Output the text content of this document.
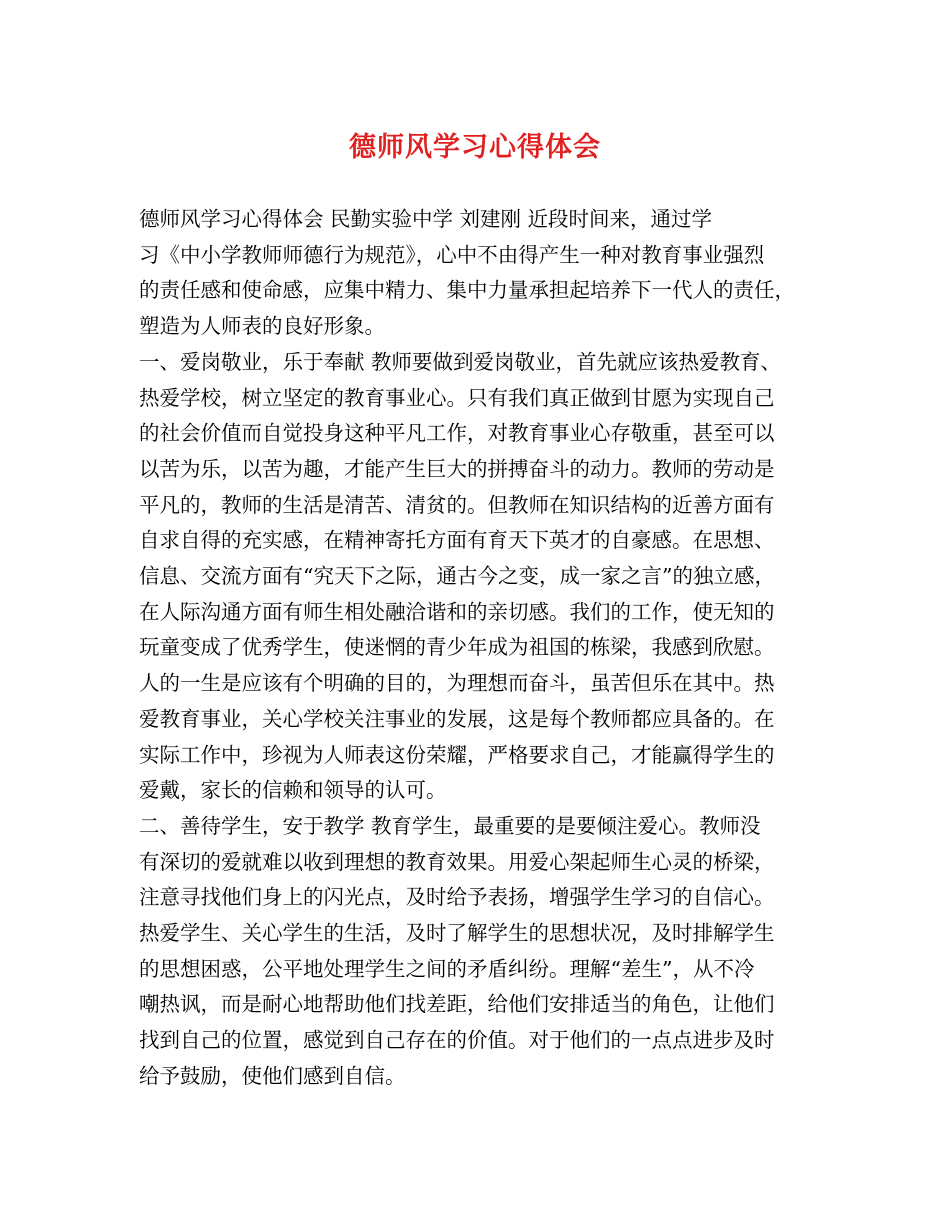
德师风学习心得体会
德师风学习心得体会 民勤实验中学 刘建刚 近段时间来，通过学
习《中小学教师师德行为规范》，心中不由得产生一种对教育事业强烈
的责任感和使命感，应集中精力、集中力量承担起培养下一代人的责任，
塑造为人师表的良好形象。
一、爱岗敬业，乐于奉献 教师要做到爱岗敬业，首先就应该热爱教育、
热爱学校，树立坚定的教育事业心。只有我们真正做到甘愿为实现自己
的社会价值而自觉投身这种平凡工作，对教育事业心存敬重，甚至可以
以苦为乐，以苦为趣，才能产生巨大的拼搏奋斗的动力。教师的劳动是
平凡的，教师的生活是清苦、清贫的。但教师在知识结构的近善方面有
自求自得的充实感，在精神寄托方面有育天下英才的自豪感。在思想、
信息、交流方面有“究天下之际，通古今之变，成一家之言”的独立感，
在人际沟通方面有师生相处融洽谐和的亲切感。我们的工作，使无知的
玩童变成了优秀学生，使迷惘的青少年成为祖国的栋梁，我感到欣慰。
人的一生是应该有个明确的目的，为理想而奋斗，虽苦但乐在其中。热
爱教育事业，关心学校关注事业的发展，这是每个教师都应具备的。在
实际工作中，珍视为人师表这份荣耀，严格要求自己，才能赢得学生的
爱戴，家长的信赖和领导的认可。
二、善待学生，安于教学 教育学生，最重要的是要倾注爱心。教师没
有深切的爱就难以收到理想的教育效果。用爱心架起师生心灵的桥梁，
注意寻找他们身上的闪光点，及时给予表扬，增强学生学习的自信心。
热爱学生、关心学生的生活，及时了解学生的思想状况，及时排解学生
的思想困惑，公平地处理学生之间的矛盾纠纷。理解“差生”，从不冷
嘲热讽，而是耐心地帮助他们找差距，给他们安排适当的角色，让他们
找到自己的位置，感觉到自己存在的价值。对于他们的一点点进步及时
给予鼓励，使他们感到自信。
